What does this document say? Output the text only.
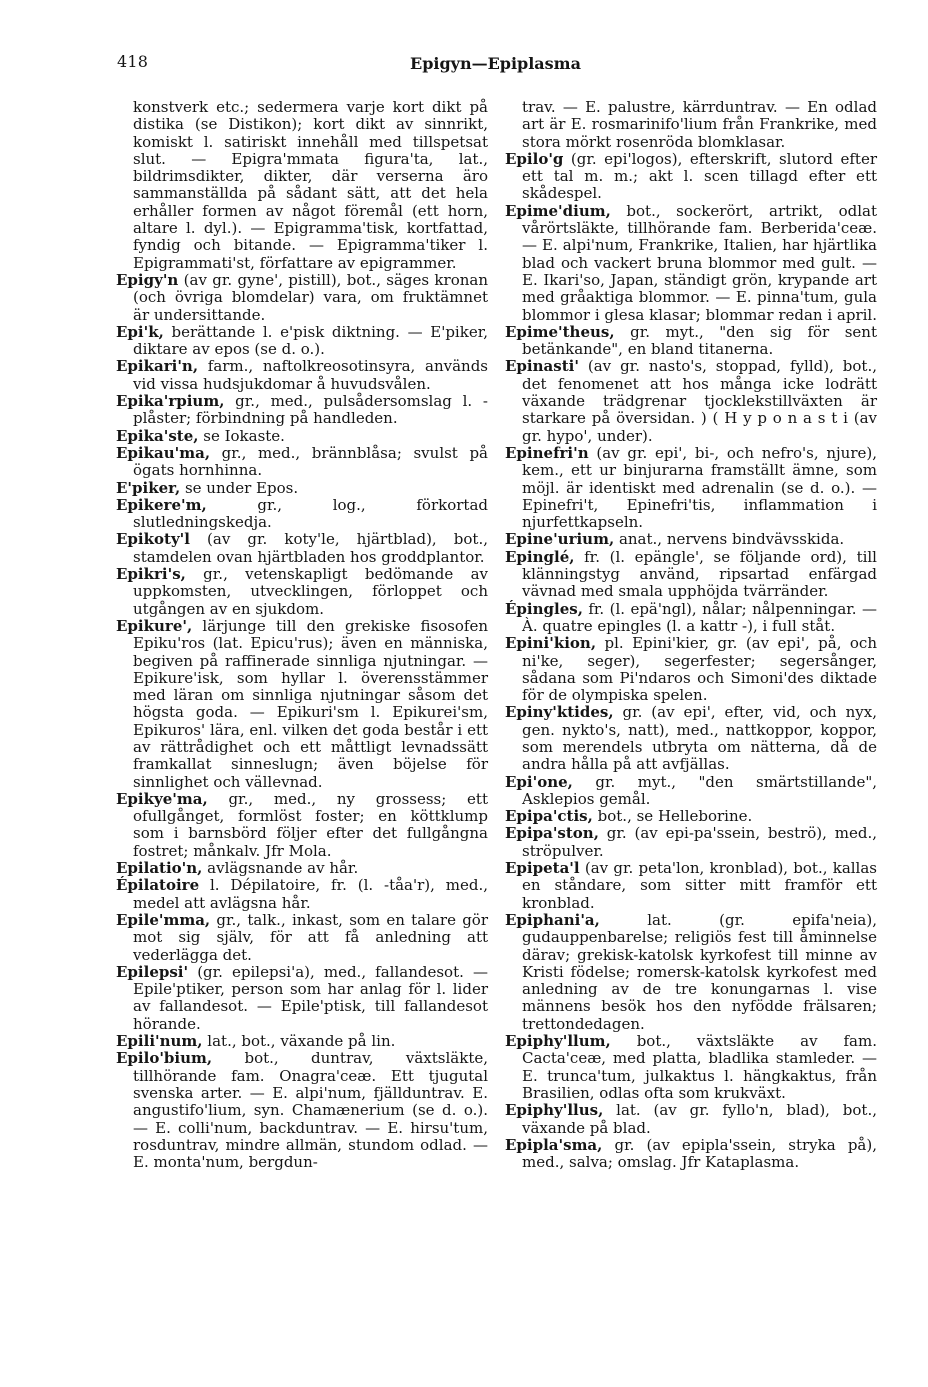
418	Epigyn—Epiplasma

konstverk etc.; sedermera varje kort dikt på distika (se Distikon); kort dikt av sinnrikt, komiskt l. satiriskt innehåll med tillspetsat slut. — Epigra'mmata figura'ta, lat., bildrimsdikter, dikter, där verserna äro sammanställda på sådant sätt, att det hela erhåller formen av något föremål (ett horn, altare l. dyl.). — Epigramma'tisk, kortfattad, fyndig och bitande. — Epigramma'tiker l. Epigrammati'st, författare av epigrammer.

Epigy'n (av gr. gyne', pistill), bot., säges kronan (och övriga blomdelar) vara, om fruktämnet är undersittande.

Epi'k, berättande l. e'pisk diktning. — E'piker, diktare av epos (se d. o.).

Epikari'n, farm., naftolkreosotinsyra, används vid vissa hudsjukdomar å huvudsvålen.

Epika'rpium, gr., med., pulsådersomslag l. -plåster; förbindning på handleden.

Epika'ste, se Iokaste.

Epikau'ma, gr., med., brännblåsa; svulst på ögats hornhinna.

E'piker, se under Epos.

Epikere'm,	gr., log., förkortad slutledningskedja.

Epikoty'l (av gr. koty'le, hjärtblad), bot., stamdelen ovan hjärtbladen hos groddplantor.

Epikri's, gr., vetenskapligt bedömande av uppkomsten, utvecklingen, förloppet och utgången av en sjukdom.

Epikure', lärjunge till den grekiske fisosofen Epiku'ros (lat. Epicu'rus); även en människa, begiven på raffinerade sinnliga njutningar. — Epikure'isk, som hyllar l. överensstämmer med läran om sinnliga njutningar såsom det högsta goda. — Epikuri'sm l. Epikurei'sm, Epikuros' lära, enl. vilken det goda består i ett av rättrådighet och ett måttligt levnadssätt framkallat sinneslugn; även böjelse för sinnlighet och vällevnad.

Epikye'ma, gr., med., ny grossess; ett ofullgånget, formlöst foster; en köttklump som i barnsbörd följer efter det fullgångna fostret; månkalv. Jfr Mola.

Epilatio'n, avlägsnande av hår.

Épilatoire l. Dépilatoire, fr. (l. -tåa'r), med., medel att avlägsna hår.

Epile'mma, gr., talk., inkast, som en talare gör mot sig själv, för att få anledning att vederlägga det.

Epilepsi' (gr. epilepsi'a), med., fallandesot. — Epile'ptiker, person som har anlag för l. lider av fallandesot. — Epile'ptisk, till fallandesot hörande.

Epili'num, lat., bot., växande på lin.

Epilo'bium, bot., duntrav, växtsläkte, tillhörande fam. Onagra'ceæ. Ett tjugutal svenska arter. — E. alpi'num, fjällduntrav. E. angustifo'lium, syn. Chamænerium (se d. o.). — E. colli'num, backduntrav. — E. hirsu'tum, rosduntrav, mindre allmän, stundom odlad. — E. monta'num, bergdun-

trav. — E. palustre, kärrduntrav. — En odlad art är E. rosmarinifo'lium från Frankrike, med stora mörkt rosenröda blomklasar.

Epilo'g (gr. epi'logos), efterskrift, slutord efter ett tal m. m.; akt l. scen tillagd efter ett skådespel.

Epime'dium, bot., sockerört, artrikt, odlat vårörtsläkte, tillhörande fam. Berberida'ceæ. — E. alpi'num, Frankrike, Italien, har hjärtlika blad och vackert bruna blommor med gult. — E. Ikari'so, Japan, ständigt grön, krypande art med gråaktiga blommor. — E. pinna'tum, gula blommor i glesa klasar; blommar redan i april.

Epime'theus, gr. myt., "den sig för sent betänkande", en bland titanerna.

Epinasti' (av gr. nasto's, stoppad, fylld), bot., det fenomenet att hos många icke lodrätt växande trädgrenar tjocklekstillväxten är starkare på översidan. ) ( H y p o n a s t i (av gr. hypo', under).

Epinefri'n (av gr. epi', bi-, och nefro's, njure), kem., ett ur binjurarna framställt ämne, som möjl. är identiskt med adrenalin (se d. o.). — Epinefri't, Epinefri'tis, inflammation i njurfettkapseln.

Epine'urium, anat., nervens bindvävsskida.

Epinglé, fr. (l. epängle', se följande ord), till klänningstyg använd, ripsartad enfärgad vävnad med smala upphöjda tvärränder.

Épingles, fr. (l. epä'ngl), nålar; nålpenningar. — À. quatre epingles (l. a kattr -), i full ståt.

Epini'kion, pl. Epini'kier, gr. (av epi', på, och ni'ke, seger), segerfester; segersånger, sådana som Pi'ndaros och Simoni'des diktade för de olympiska spelen.

Epiny'ktides, gr. (av epi', efter, vid, och nyx, gen. nykto's, natt), med., nattkoppor, koppor, som merendels utbryta om nätterna, då de andra hålla på att avfjällas.

Epi'one, gr. myt., "den smärtstillande", Asklepios gemål.

Epipa'ctis, bot., se Helleborine.

Epipa'ston, gr. (av epi-pa'ssein, beströ), med., ströpulver.

Epipeta'l (av gr. peta'lon, kronblad), bot., kallas en ståndare, som sitter mitt framför ett kronblad.

Epiphani'a,	lat. (gr. epifa'neia), gudauppenbarelse; religiös fest till åminnelse därav; grekisk-katolsk kyrkofest till minne av Kristi födelse; romersk-katolsk kyrkofest med anledning av de tre konungarnas l. vise männens besök hos den nyfödde frälsaren; trettondedagen.

Epiphy'llum, bot., växtsläkte av fam. Cacta'ceæ, med platta, bladlika stamleder. — E. trunca'tum, julkaktus l. hängkaktus, från Brasilien, odlas ofta som krukväxt.

Epiphy'llus, lat. (av gr. fyllo'n, blad), bot., växande på blad.

Epipla'sma, gr. (av epipla'ssein, stryka på), med., salva; omslag. Jfr Kataplasma.
